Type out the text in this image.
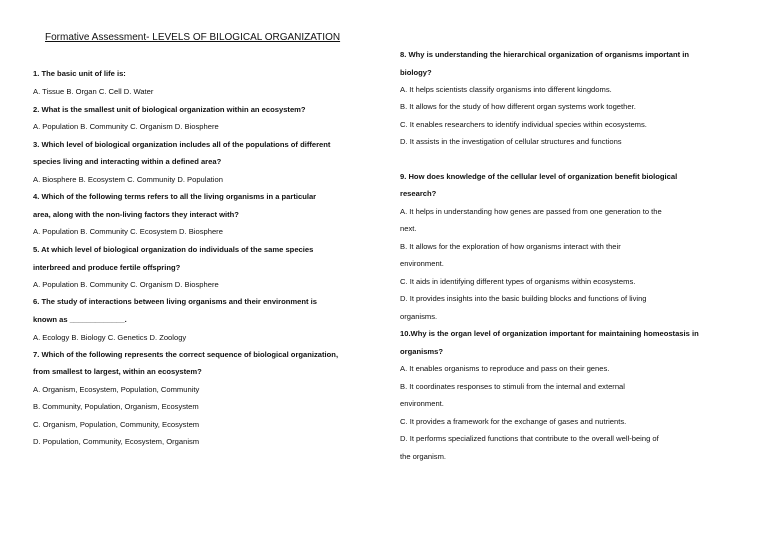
Formative Assessment- LEVELS OF BILOGICAL ORGANIZATION
1. The basic unit of life is:
A. Tissue B. Organ C. Cell D. Water
2. What is the smallest unit of biological organization within an ecosystem?
A. Population B. Community C. Organism D. Biosphere
3. Which level of biological organization includes all of the populations of different
species living and interacting within a defined area?
A. Biosphere B. Ecosystem C. Community D. Population
4. Which of the following terms refers to all the living organisms in a particular
area, along with the non-living factors they interact with?
A. Population B. Community C. Ecosystem D. Biosphere
5. At which level of biological organization do individuals of the same species
interbreed and produce fertile offspring?
A. Population B. Community C. Organism D. Biosphere
6. The study of interactions between living organisms and their environment is
known as _____________.
A. Ecology B. Biology C. Genetics D. Zoology
7. Which of the following represents the correct sequence of biological organization,
from smallest to largest, within an ecosystem?
A. Organism, Ecosystem, Population, Community
B. Community, Population, Organism, Ecosystem
C. Organism, Population, Community, Ecosystem
D. Population, Community, Ecosystem, Organism
8. Why is understanding the hierarchical organization of organisms important in
biology?
A. It helps scientists classify organisms into different kingdoms.
B. It allows for the study of how different organ systems work together.
C. It enables researchers to identify individual species within ecosystems.
D. It assists in the investigation of cellular structures and functions
9. How does knowledge of the cellular level of organization benefit biological
research?
A. It helps in understanding how genes are passed from one generation to the
next.
B. It allows for the exploration of how organisms interact with their
environment.
C. It aids in identifying different types of organisms within ecosystems.
D. It provides insights into the basic building blocks and functions of living
organisms.
10.Why is the organ level of organization important for maintaining homeostasis in
organisms?
A. It enables organisms to reproduce and pass on their genes.
B. It coordinates responses to stimuli from the internal and external
environment.
C. It provides a framework for the exchange of gases and nutrients.
D. It performs specialized functions that contribute to the overall well-being of
the organism.
